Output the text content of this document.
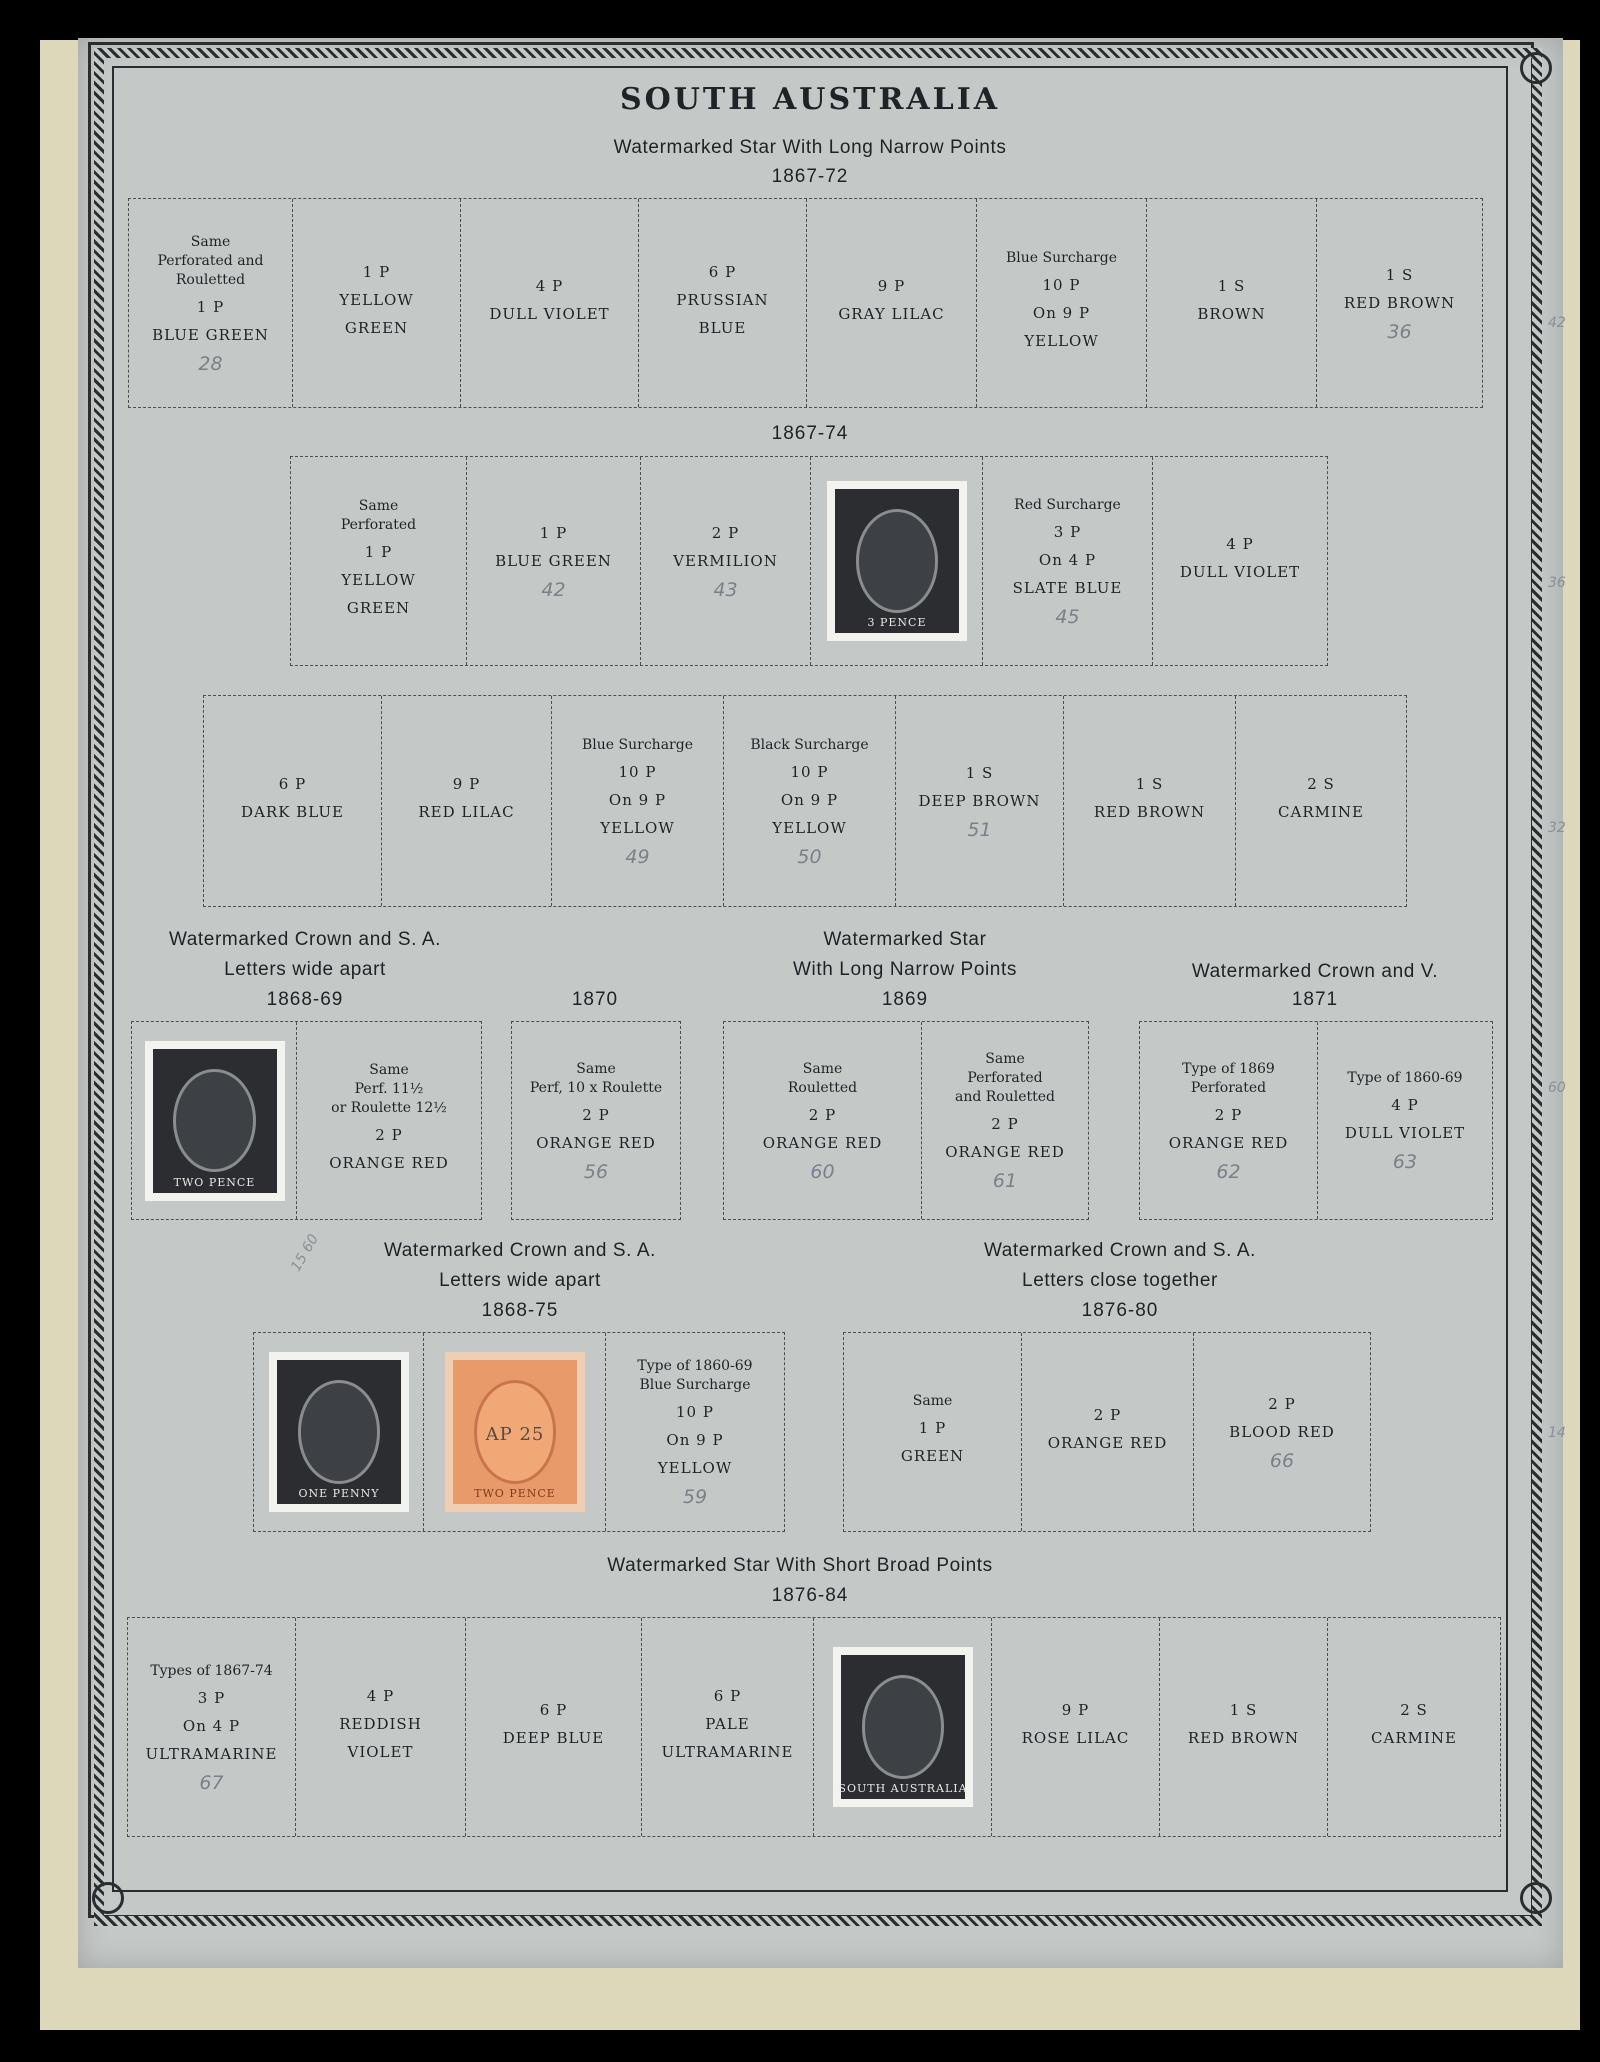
SOUTH AUSTRALIA
Watermarked Star With Long Narrow Points
1867-72
Same
Perforated and
Rouletted
1 P
BLUE GREEN
28
1 P
YELLOW
GREEN
4 P
DULL VIOLET
6 P
PRUSSIAN
BLUE
9 P
GRAY LILAC
Blue Surcharge
10 P
On 9 P
YELLOW
1 S
BROWN
1 S
RED BROWN
36
1867-74
Same
Perforated
1 P
YELLOW
GREEN
1 P
BLUE GREEN
42
2 P
VERMILION
43
3 PENCE
Red Surcharge
3 P
On 4 P
SLATE BLUE
45
4 P
DULL VIOLET
6 P
DARK BLUE
9 P
RED LILAC
Blue Surcharge
10 P
On 9 P
YELLOW
49
Black Surcharge
10 P
On 9 P
YELLOW
50
1 S
DEEP BROWN
51
1 S
RED BROWN
2 S
CARMINE
Watermarked Crown and S. A.
Letters wide apart
1868-69	1870
Watermarked Star
With Long Narrow Points
1869
Watermarked Crown and V.
1871
TWO PENCE
Same
Perf. 11½
or Roulette 12½
2 P
ORANGE RED
Same
Perf, 10 x Roulette
2 P
ORANGE RED
56
Same
Rouletted
2 P
ORANGE RED
60
Same
Perforated
and Rouletted
2 P
ORANGE RED
61
Type of 1869
Perforated
2 P
ORANGE RED
62
Type of 1860-69
4 P
DULL VIOLET
63
Watermarked Crown and S. A.
Letters wide apart
1868-75
Watermarked Crown and S. A.
Letters close together
1876-80
ONE PENNY	TWO PENCE
AP 25
Type of 1860-69
Blue Surcharge
10 P
On 9 P
YELLOW
59
Same
1 P
GREEN
2 P
ORANGE RED
2 P
BLOOD RED
66
Watermarked Star With Short Broad Points
1876-84
Types of 1867-74
3 P
On 4 P
ULTRAMARINE
67
4 P
REDDISH
VIOLET
6 P
DEEP BLUE
6 P
PALE
ULTRAMARINE
SOUTH AUSTRALIA
9 P
ROSE LILAC
1 S
RED BROWN
2 S
CARMINE
42
36
32
60
14
15 60
